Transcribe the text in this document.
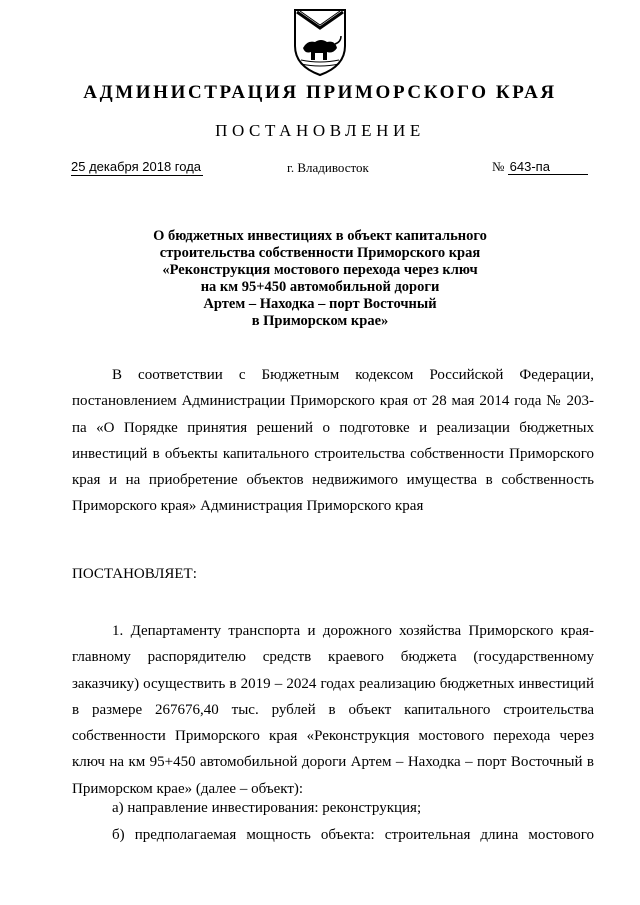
АДМИНИСТРАЦИЯ ПРИМОРСКОГО КРАЯ
ПОСТАНОВЛЕНИЕ
25 декабря 2018 года	г. Владивосток	№ 643-па
О бюджетных инвестициях в объект капитального
строительства собственности Приморского края
«Реконструкция мостового перехода через ключ
на км 95+450 автомобильной дороги
Артем – Находка – порт Восточный
в Приморском крае»

В соответствии с Бюджетным кодексом Российской Федерации, постановлением Администрации Приморского края от 28 мая 2014 года № 203-па «О Порядке принятия решений о подготовке и реализации бюджетных инвестиций в объекты капитального строительства собственности Приморского края и на приобретение объектов недвижимого имущества в собственность Приморского края» Администрация Приморского края

ПОСТАНОВЛЯЕТ:

1. Департаменту транспорта и дорожного хозяйства Приморского края-главному распорядителю средств краевого бюджета (государственному заказчику) осуществить в 2019 – 2024 годах реализацию бюджетных инвестиций в размере 267676,40 тыс. рублей в объект капитального строительства собственности Приморского края «Реконструкция мостового перехода через ключ на км 95+450 автомобильной дороги Артем – Находка – порт Восточный в Приморском крае» (далее – объект):

а) направление инвестирования: реконструкция;
б) предполагаемая мощность объекта: строительная длина мостового
